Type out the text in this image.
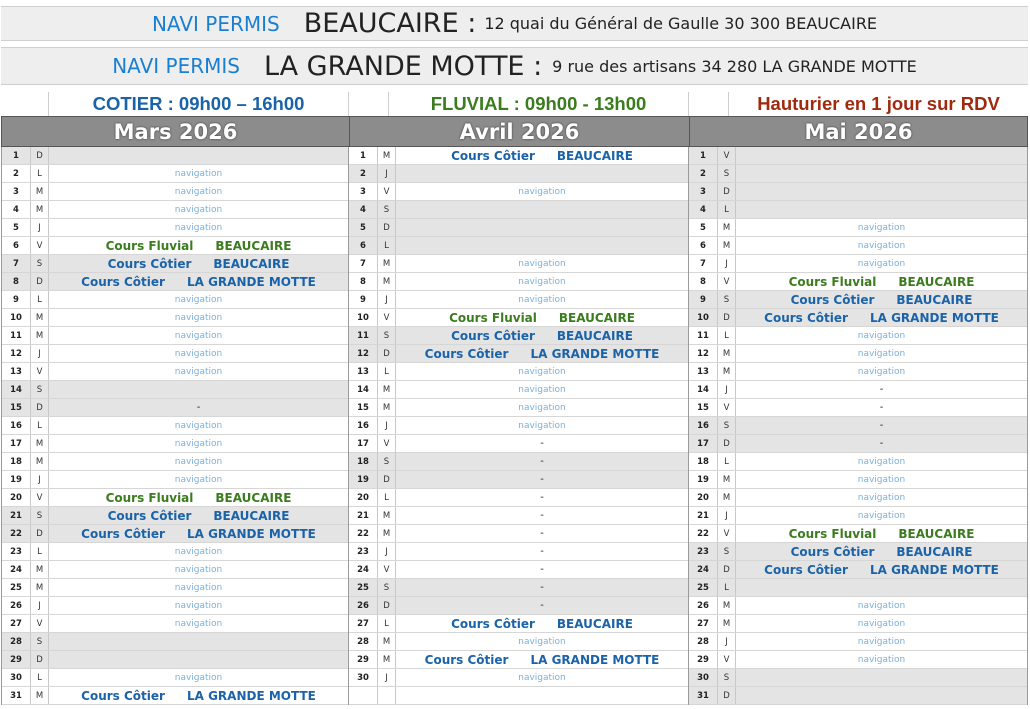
NAVI PERMIS BEAUCAIRE : 12 quai du Général de Gaulle 30 300 BEAUCAIRE
NAVI PERMIS LA GRANDE MOTTE : 9 rue des artisans 34 280 LA GRANDE MOTTE
COTIER : 09h00 – 16h00	FLUVIAL : 09h00 - 13h00	Hauturier en 1 jour sur RDV
Mars 2026	Avril 2026	Mai 2026
1	D
2	L	navigation
3	M	navigation
4	M	navigation
5	J	navigation
6	V	Cours Fluvial BEAUCAIRE
7	S	Cours Côtier BEAUCAIRE
8	D	Cours Côtier LA GRANDE MOTTE
9	L	navigation
10	M	navigation
11	M	navigation
12	J	navigation
13	V	navigation
14	S
15	D	-
16	L	navigation
17	M	navigation
18	M	navigation
19	J	navigation
20	V	Cours Fluvial BEAUCAIRE
21	S	Cours Côtier BEAUCAIRE
22	D	Cours Côtier LA GRANDE MOTTE
23	L	navigation
24	M	navigation
25	M	navigation
26	J	navigation
27	V	navigation
28	S
29	D
30	L	navigation
31	M	Cours Côtier LA GRANDE MOTTE
1	M	Cours Côtier BEAUCAIRE
2	J
3	V	navigation
4	S
5	D
6	L
7	M	navigation
8	M	navigation
9	J	navigation
10	V	Cours Fluvial BEAUCAIRE
11	S	Cours Côtier BEAUCAIRE
12	D	Cours Côtier LA GRANDE MOTTE
13	L	navigation
14	M	navigation
15	M	navigation
16	J	navigation
17	V	-
18	S	-
19	D	-
20	L	-
21	M	-
22	M	-
23	J	-
24	V	-
25	S	-
26	D	-
27	L	Cours Côtier BEAUCAIRE
28	M	navigation
29	M	Cours Côtier LA GRANDE MOTTE
30	J	navigation
1	V
2	S
3	D
4	L
5	M	navigation
6	M	navigation
7	J	navigation
8	V	Cours Fluvial BEAUCAIRE
9	S	Cours Côtier BEAUCAIRE
10	D	Cours Côtier LA GRANDE MOTTE
11	L	navigation
12	M	navigation
13	M	navigation
14	J	-
15	V	-
16	S	-
17	D	-
18	L	navigation
19	M	navigation
20	M	navigation
21	J	navigation
22	V	Cours Fluvial BEAUCAIRE
23	S	Cours Côtier BEAUCAIRE
24	D	Cours Côtier LA GRANDE MOTTE
25	L
26	M	navigation
27	M	navigation
28	J	navigation
29	V	navigation
30	S
31	D
